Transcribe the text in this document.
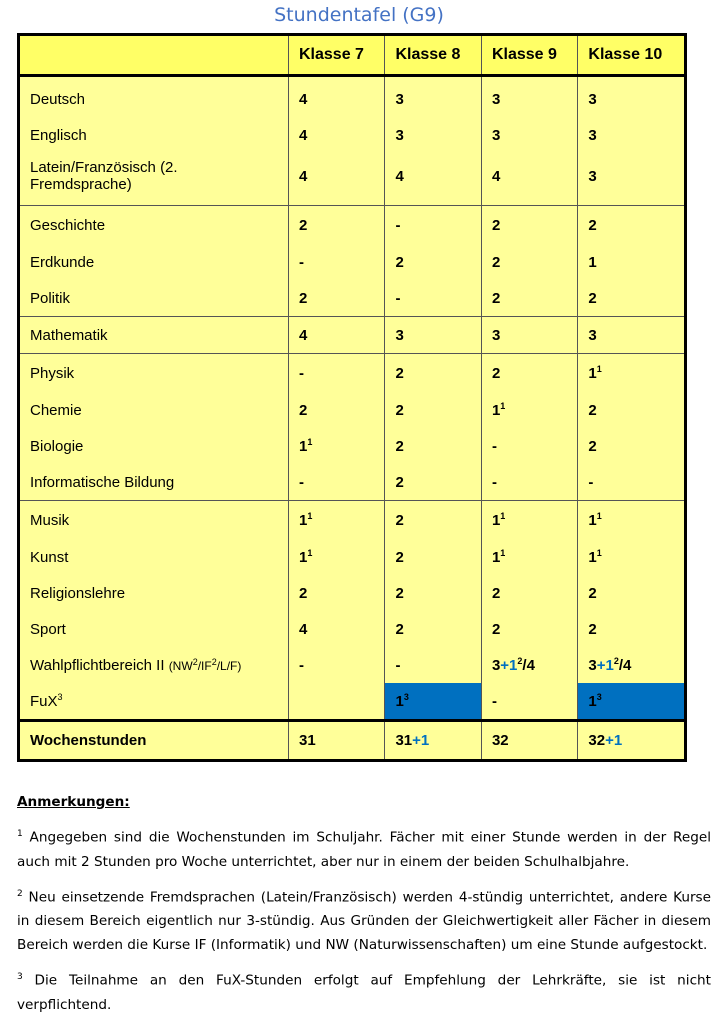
Stundentafel (G9)
	Klasse 7	Klasse 8	Klasse 9	Klasse 10
Deutsch	4	3	3	3
Englisch	4	3	3	3
Latein/Französisch (2. Fremdsprache)	4	4	4	3
Geschichte	2	-	2	2
Erdkunde	-	2	2	1
Politik	2	-	2	2
Mathematik	4	3	3	3
Physik	-	2	2	$1^1$
Chemie	2	2	$1^1$	2
Biologie	$1^1$	2	-	2
Informatische Bildung	-	2	-	-
Musik	$1^1$	2	$1^1$	$1^1$
Kunst	$1^1$	2	$1^1$	$1^1$
Religionslehre	2	2	2	2
Sport	4	2	2	2
Wahlpflichtbereich II $(NW^2/IF^2/L/F)$	-	-	$3+1^2/4$	$3+1^2/4$
FuX$^3$		$1^3$	-	$1^3$
Wochenstunden	31	31+1	32	32+1
Anmerkungen:

$^1$ Angegeben sind die Wochenstunden im Schuljahr. Fächer mit einer Stunde werden in der Regel auch mit 2 Stunden pro Woche unterrichtet, aber nur in einem der beiden Schulhalbjahre.

$^2$ Neu einsetzende Fremdsprachen (Latein/Französisch) werden 4-stündig unterrichtet, andere Kurse in diesem Bereich eigentlich nur 3-stündig. Aus Gründen der Gleichwertigkeit aller Fächer in diesem Bereich werden die Kurse IF (Informatik) und NW (Naturwissenschaften) um eine Stunde aufgestockt.

$^3$ Die Teilnahme an den FuX-Stunden erfolgt auf Empfehlung der Lehrkräfte, sie ist nicht verpflichtend.
